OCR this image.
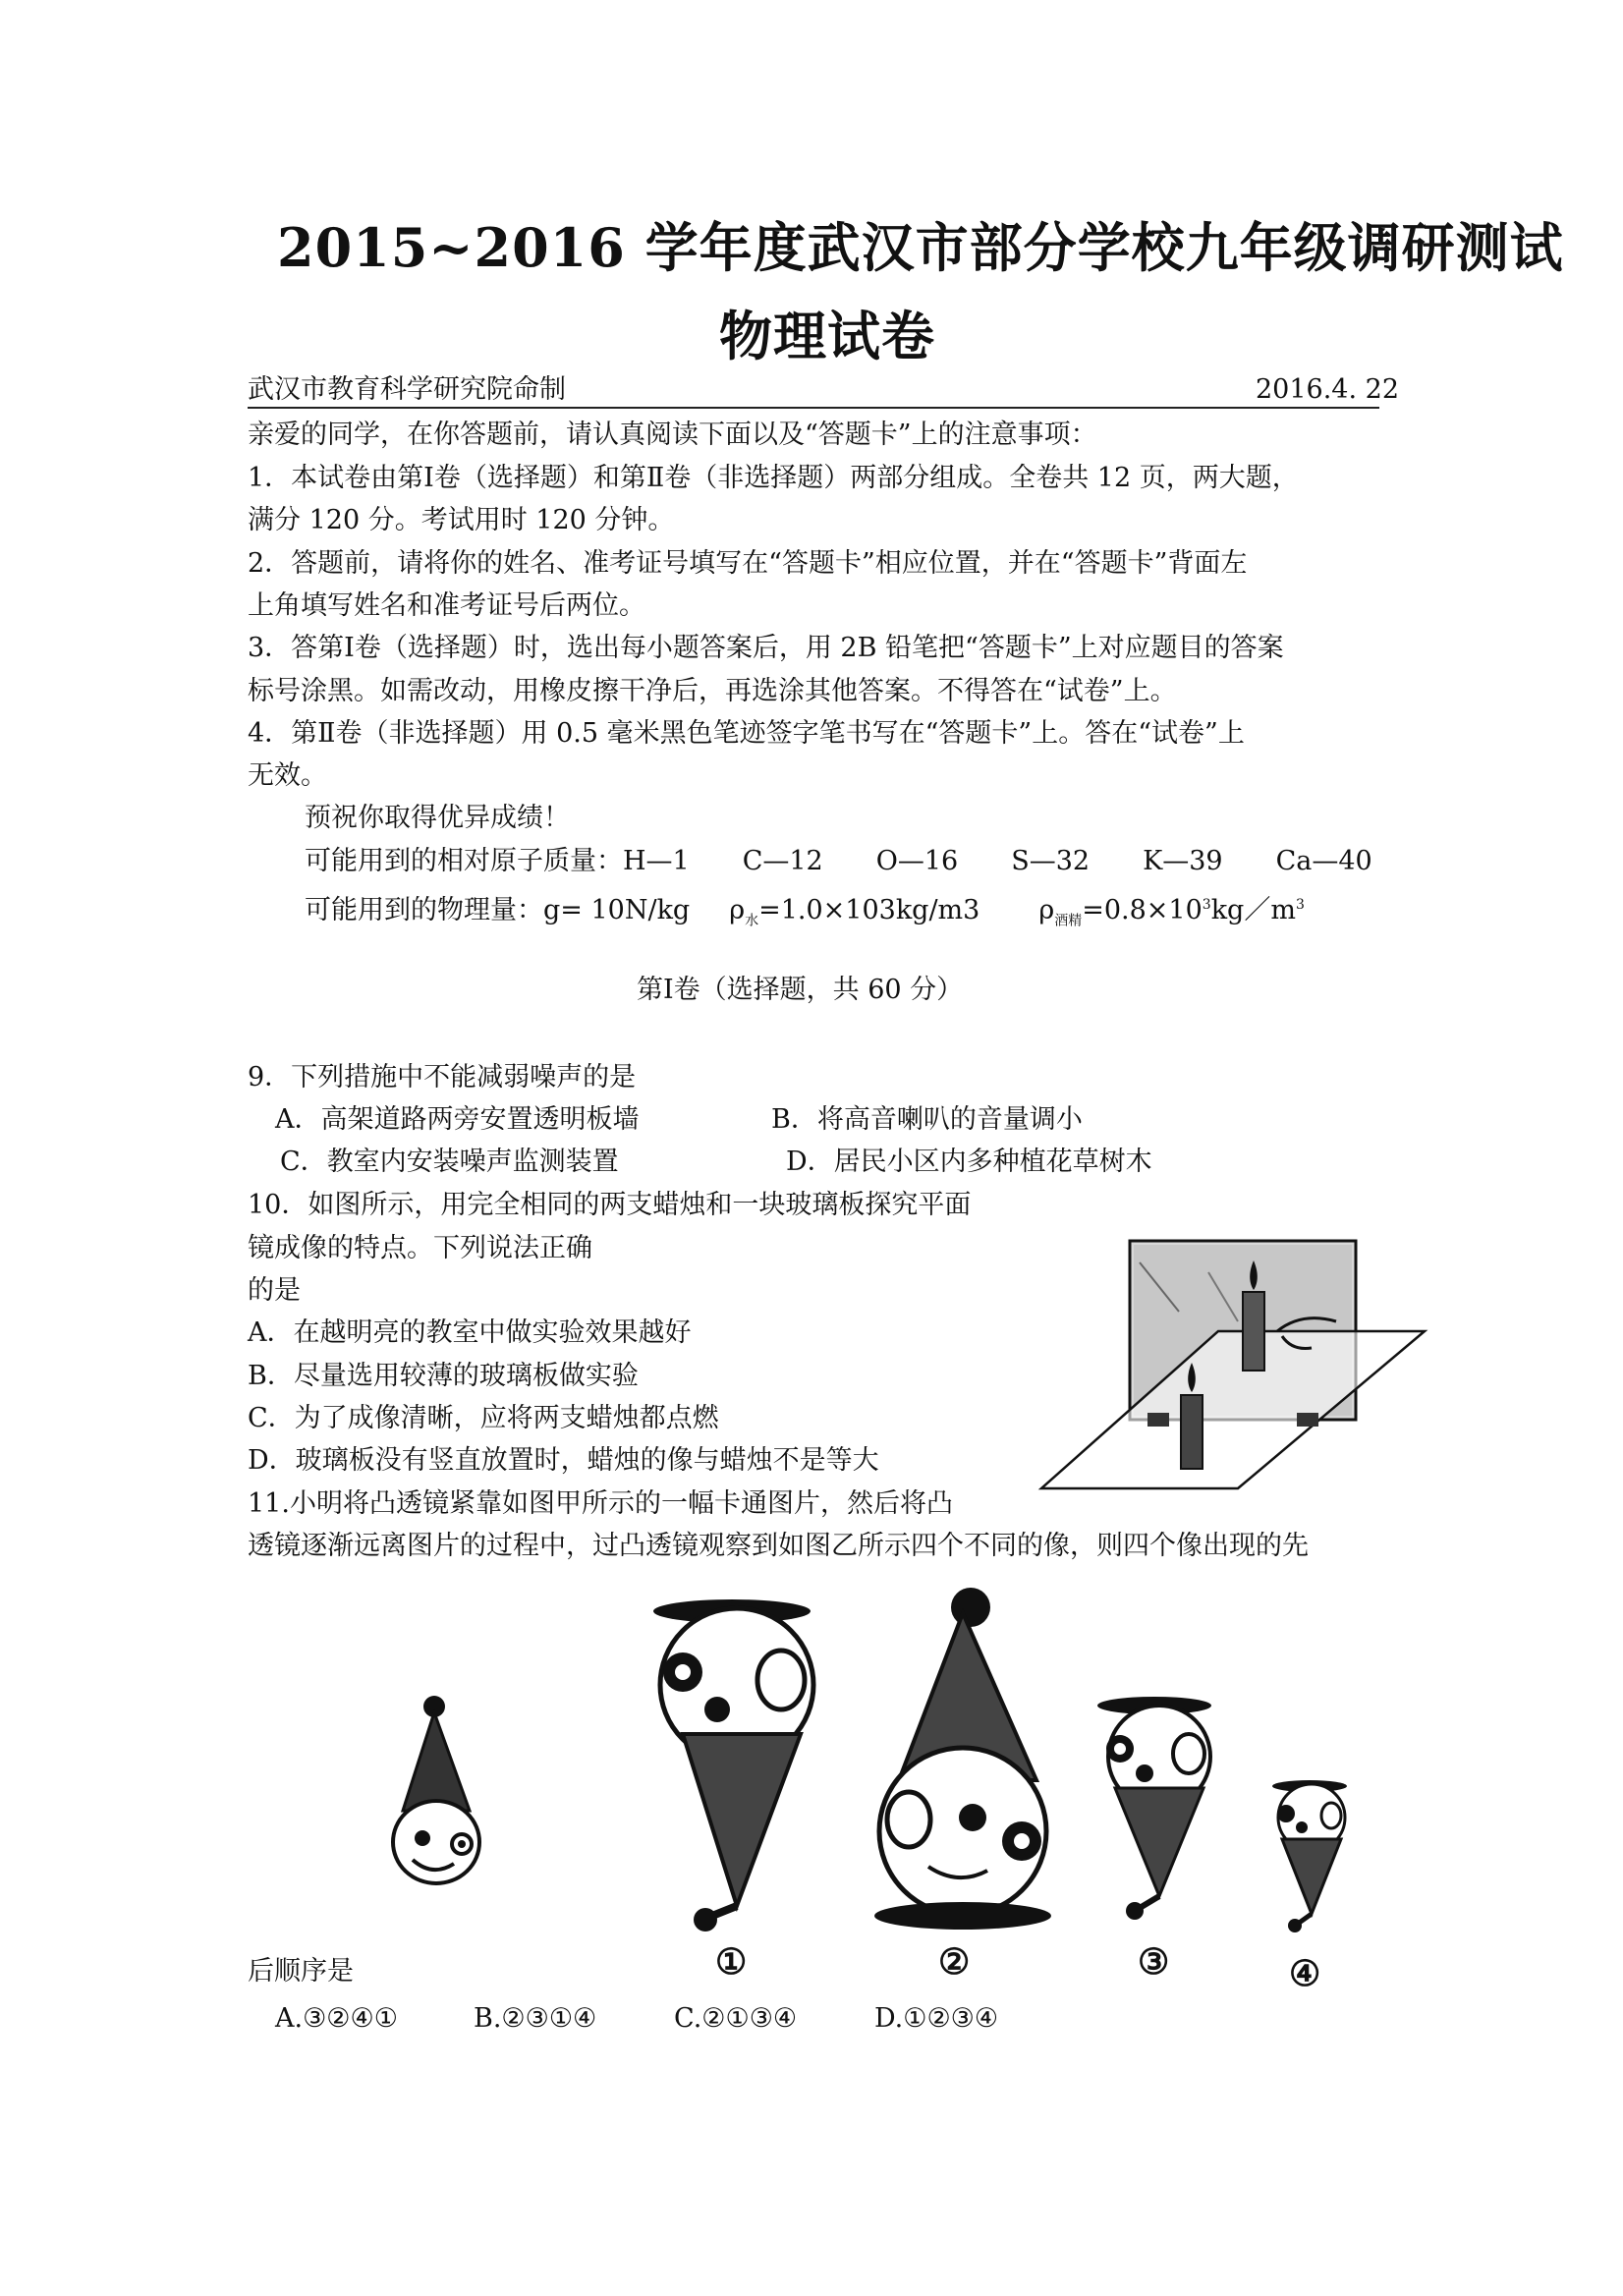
2015~2016 学年度武汉市部分学校九年级调研测试
物理试卷
武汉市教育科学研究院命制	2016.4. 22
亲爱的同学，在你答题前，请认真阅读下面以及“答题卡”上的注意事项：
1．本试卷由第Ⅰ卷（选择题）和第Ⅱ卷（非选择题）两部分组成。全卷共 12 页，两大题，
满分 120 分。考试用时 120 分钟。
2．答题前，请将你的姓名、准考证号填写在“答题卡”相应位置，并在“答题卡”背面左
上角填写姓名和准考证号后两位。
3．答第Ⅰ卷（选择题）时，选出每小题答案后，用 2B 铅笔把“答题卡”上对应题目的答案
标号涂黑。如需改动，用橡皮擦干净后，再选涂其他答案。不得答在“试卷”上。
4．第Ⅱ卷（非选择题）用 0.5 毫米黑色笔迹签字笔书写在“答题卡”上。答在“试卷”上
无效。
预祝你取得优异成绩！
可能用到的相对原子质量：H—1　　C—12　　O—16　　S—32　　K—39　　Ca—40
可能用到的物理量：g= 10N/kg $\rho_水=1.0\times 103kg/m3$ $\rho_{酒精}=0.8\times 10^3kg/m^3$
第Ⅰ卷（选择题，共 60 分）
9．下列措施中不能减弱噪声的是
A．高架道路两旁安置透明板墙	B．将高音喇叭的音量调小
C．教室内安装噪声监测装置	D．居民小区内多种植花草树木
10．如图所示，用完全相同的两支蜡烛和一块玻璃板探究平面
镜成像的特点。下列说法正确
的是
A．在越明亮的教室中做实验效果越好
B．尽量选用较薄的玻璃板做实验
C．为了成像清晰，应将两支蜡烛都点燃
D．玻璃板没有竖直放置时，蜡烛的像与蜡烛不是等大
11.小明将凸透镜紧靠如图甲所示的一幅卡通图片，然后将凸
透镜逐渐远离图片的过程中，过凸透镜观察到如图乙所示四个不同的像，则四个像出现的先
①	②	③	④
后顺序是
A.③②④①	B.②③①④	C.②①③④	D.①②③④
